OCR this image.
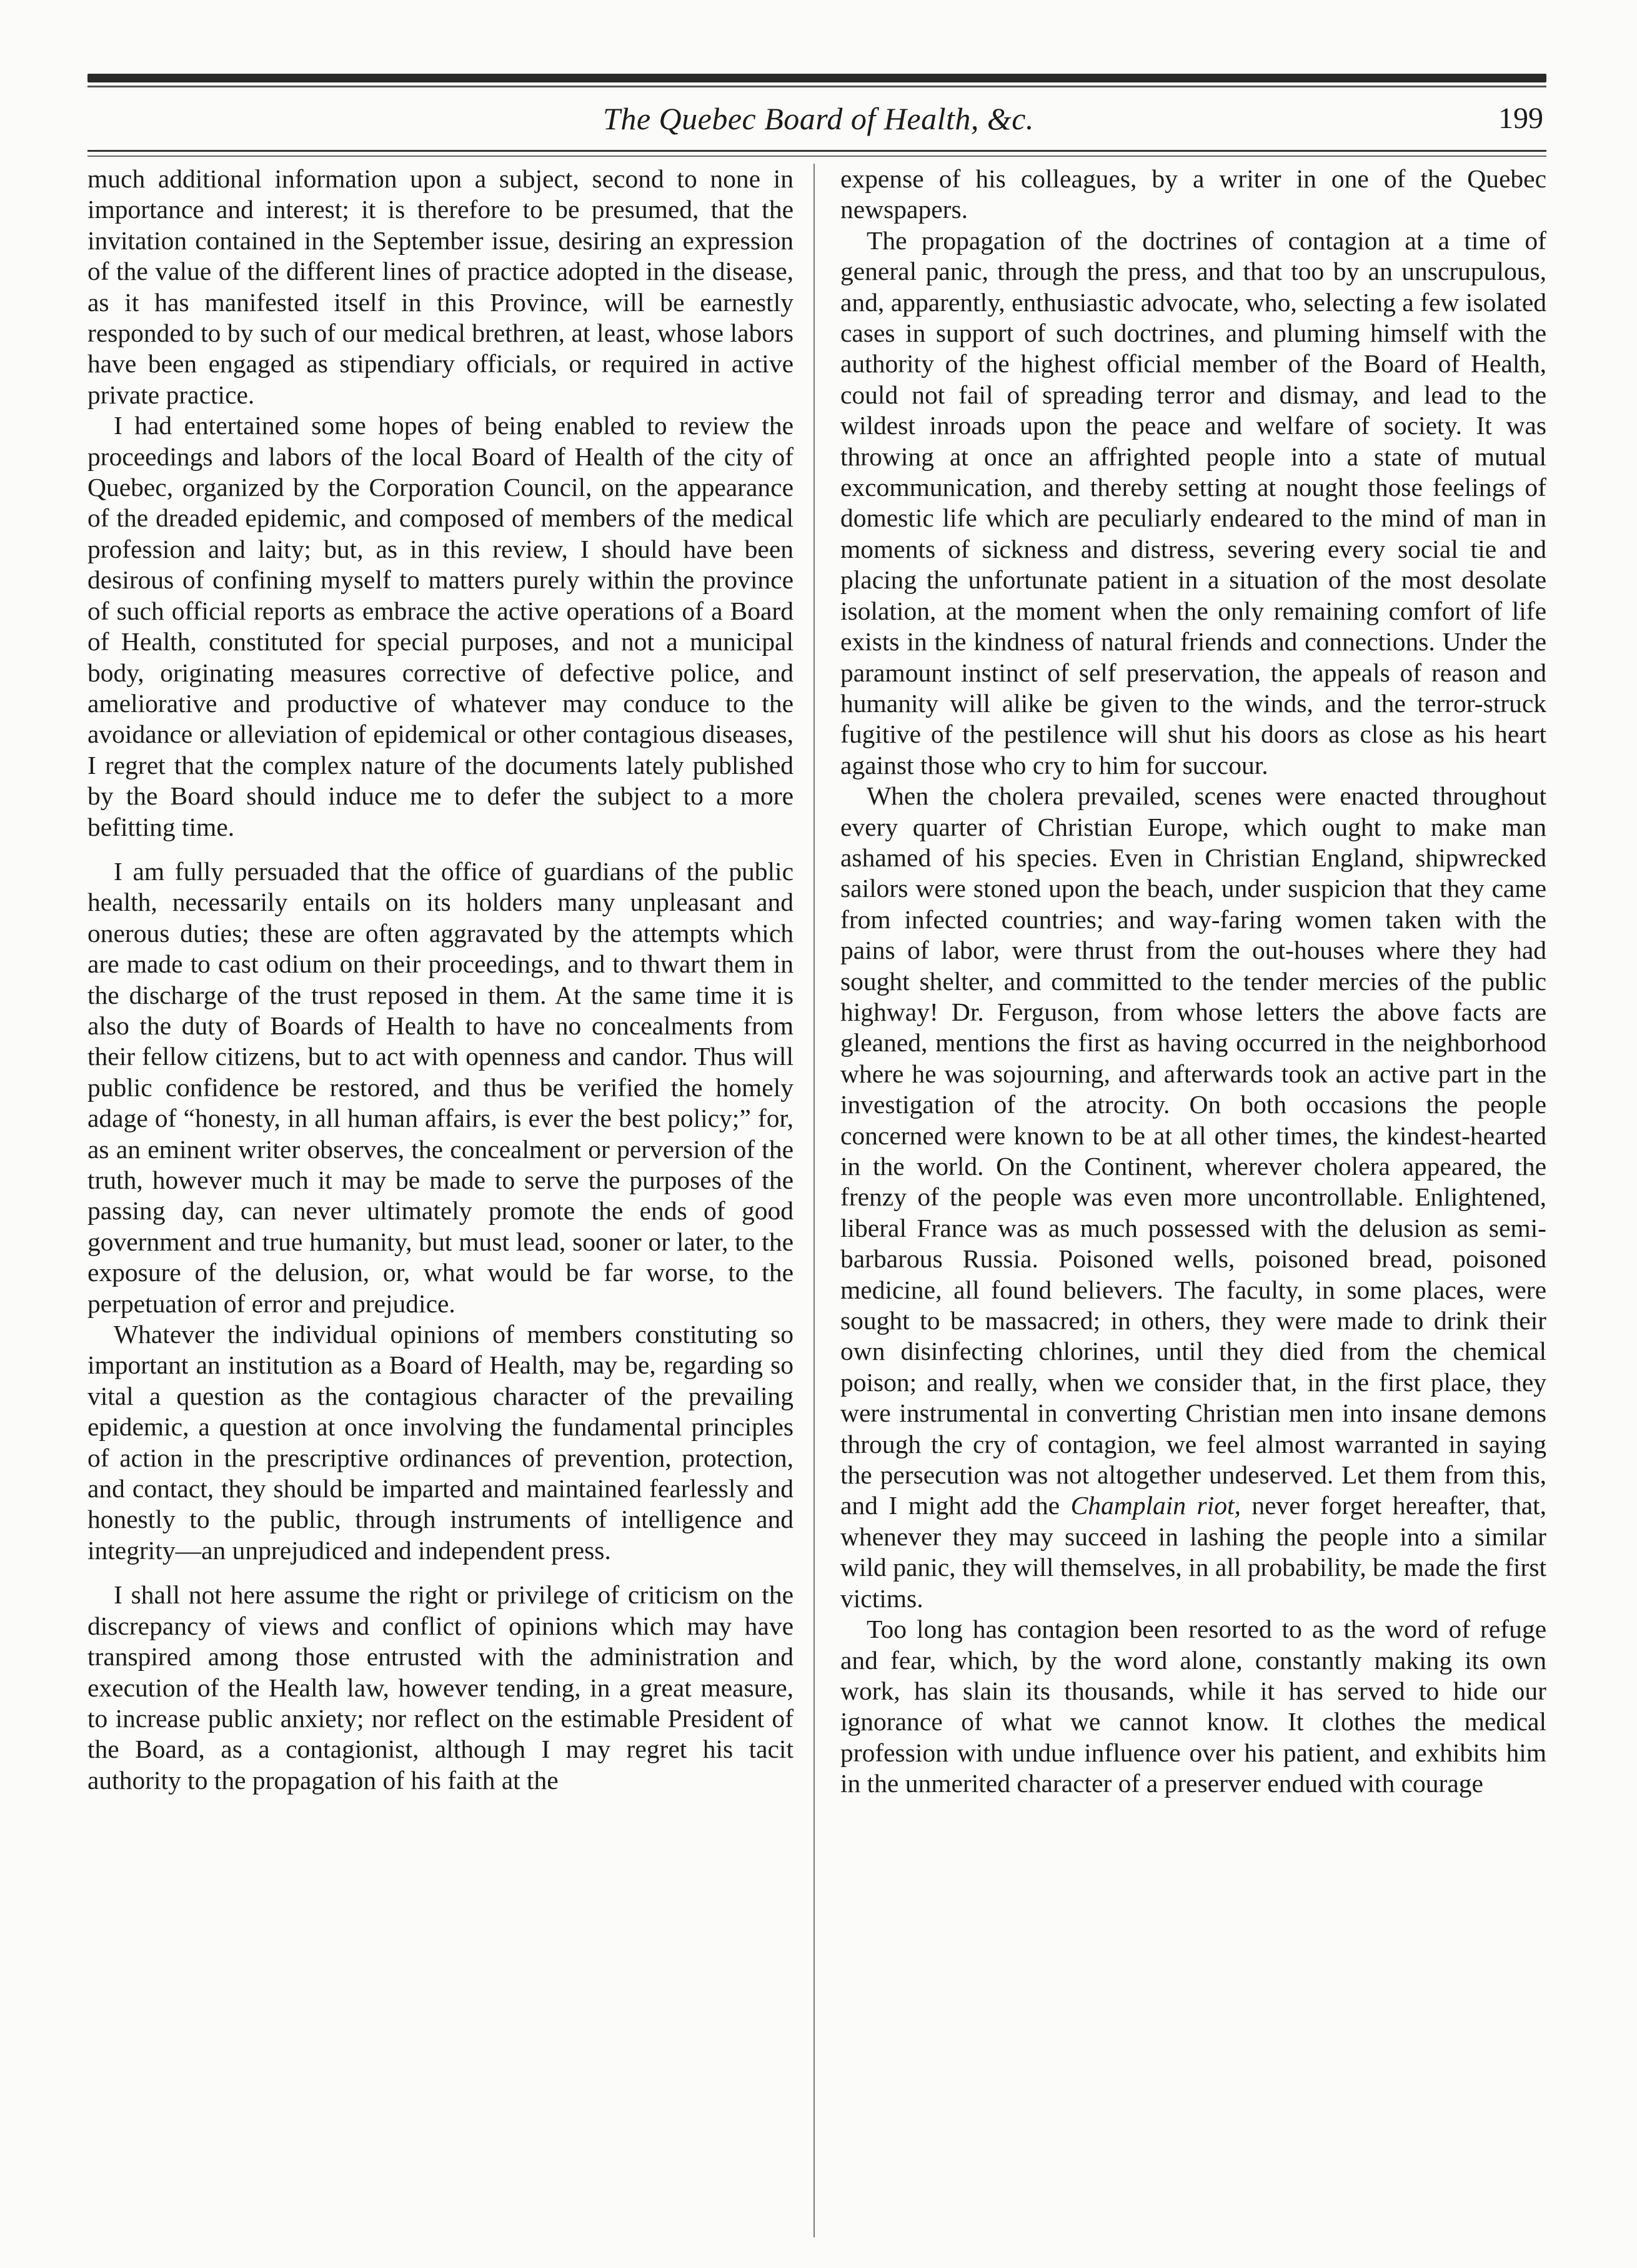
The Quebec Board of Health, &c.	199

much additional information upon a subject, second to none in importance and interest; it is therefore to be presumed, that the invitation contained in the September issue, desiring an expression of the value of the different lines of practice adopted in the disease, as it has manifested itself in this Province, will be earnestly responded to by such of our medical brethren, at least, whose labors have been engaged as stipendiary officials, or required in active private practice.

I had entertained some hopes of being enabled to review the proceedings and labors of the local Board of Health of the city of Quebec, organized by the Corporation Council, on the appearance of the dreaded epidemic, and composed of members of the medical profession and laity; but, as in this review, I should have been desirous of confining myself to matters purely within the province of such official reports as embrace the active operations of a Board of Health, constituted for special purposes, and not a municipal body, originating measures corrective of defective police, and ameliorative and productive of whatever may conduce to the avoidance or alleviation of epidemical or other contagious diseases, I regret that the complex nature of the documents lately published by the Board should induce me to defer the subject to a more befitting time.

I am fully persuaded that the office of guardians of the public health, necessarily entails on its holders many unpleasant and onerous duties; these are often aggravated by the attempts which are made to cast odium on their proceedings, and to thwart them in the discharge of the trust reposed in them. At the same time it is also the duty of Boards of Health to have no concealments from their fellow citizens, but to act with openness and candor. Thus will public confidence be restored, and thus be verified the homely adage of “honesty, in all human affairs, is ever the best policy;” for, as an eminent writer observes, the concealment or perversion of the truth, however much it may be made to serve the purposes of the passing day, can never ultimately promote the ends of good government and true humanity, but must lead, sooner or later, to the exposure of the delusion, or, what would be far worse, to the perpetuation of error and prejudice.

Whatever the individual opinions of members constituting so important an institution as a Board of Health, may be, regarding so vital a question as the contagious character of the prevailing epidemic, a question at once involving the fundamental principles of action in the prescriptive ordinances of prevention, protection, and contact, they should be imparted and maintained fearlessly and honestly to the public, through instruments of intelligence and integrity—an unprejudiced and independent press.

I shall not here assume the right or privilege of criticism on the discrepancy of views and conflict of opinions which may have transpired among those entrusted with the administration and execution of the Health law, however tending, in a great measure, to increase public anxiety; nor reflect on the estimable President of the Board, as a contagionist, although I may regret his tacit authority to the propagation of his faith at the

expense of his colleagues, by a writer in one of the Quebec newspapers.

The propagation of the doctrines of contagion at a time of general panic, through the press, and that too by an unscrupulous, and, apparently, enthusiastic advocate, who, selecting a few isolated cases in support of such doctrines, and pluming himself with the authority of the highest official member of the Board of Health, could not fail of spreading terror and dismay, and lead to the wildest inroads upon the peace and welfare of society. It was throwing at once an affrighted people into a state of mutual excommunication, and thereby setting at nought those feelings of domestic life which are peculiarly endeared to the mind of man in moments of sickness and distress, severing every social tie and placing the unfortunate patient in a situation of the most desolate isolation, at the moment when the only remaining comfort of life exists in the kindness of natural friends and connections. Under the paramount instinct of self preservation, the appeals of reason and humanity will alike be given to the winds, and the terror-struck fugitive of the pestilence will shut his doors as close as his heart against those who cry to him for succour.

When the cholera prevailed, scenes were enacted throughout every quarter of Christian Europe, which ought to make man ashamed of his species. Even in Christian England, shipwrecked sailors were stoned upon the beach, under suspicion that they came from infected countries; and way-faring women taken with the pains of labor, were thrust from the out-houses where they had sought shelter, and committed to the tender mercies of the public highway! Dr. Ferguson, from whose letters the above facts are gleaned, mentions the first as having occurred in the neighborhood where he was sojourning, and afterwards took an active part in the investigation of the atrocity. On both occasions the people concerned were known to be at all other times, the kindest-hearted in the world. On the Continent, wherever cholera appeared, the frenzy of the people was even more uncontrollable. Enlightened, liberal France was as much possessed with the delusion as semi-barbarous Russia. Poisoned wells, poisoned bread, poisoned medicine, all found believers. The faculty, in some places, were sought to be massacred; in others, they were made to drink their own disinfecting chlorines, until they died from the chemical poison; and really, when we consider that, in the first place, they were instrumental in converting Christian men into insane demons through the cry of contagion, we feel almost warranted in saying the persecution was not altogether undeserved. Let them from this, and I might add the Champlain riot, never forget hereafter, that, whenever they may succeed in lashing the people into a similar wild panic, they will themselves, in all probability, be made the first victims.

Too long has contagion been resorted to as the word of refuge and fear, which, by the word alone, constantly making its own work, has slain its thousands, while it has served to hide our ignorance of what we cannot know. It clothes the medical profession with undue influence over his patient, and exhibits him in the unmerited character of a preserver endued with courage
